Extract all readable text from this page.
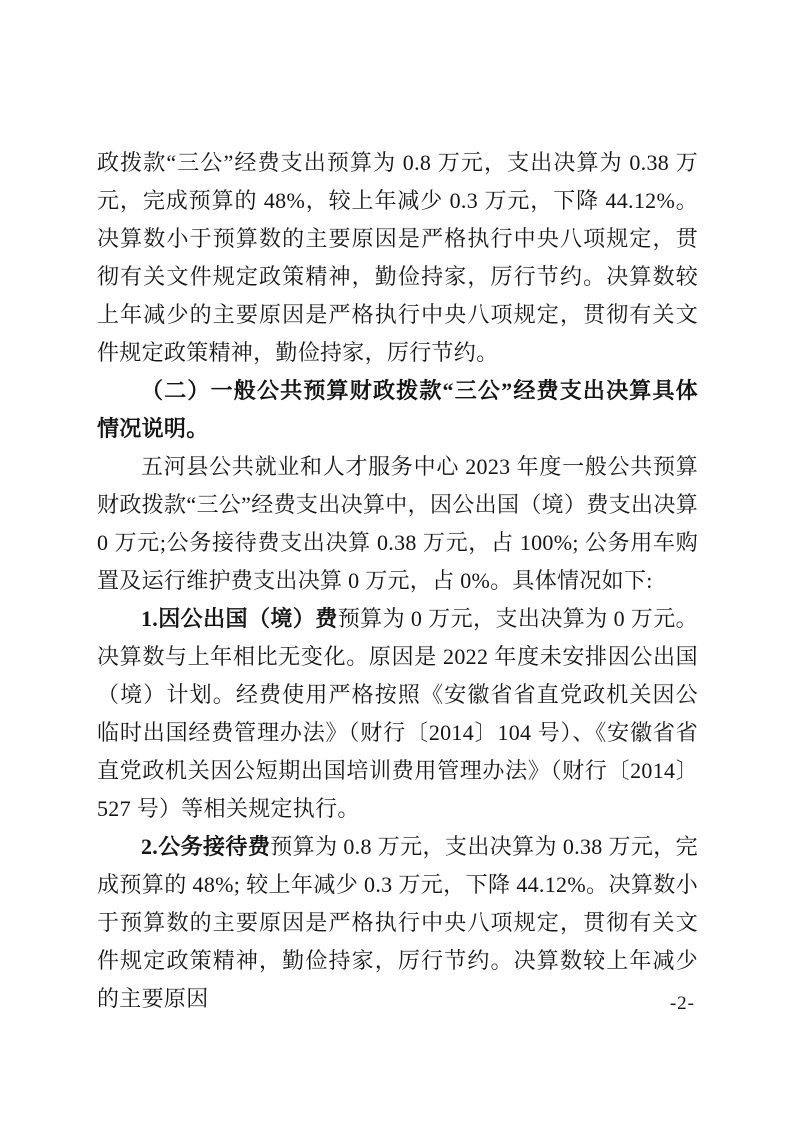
政拨款“三公”经费支出预算为 0.8 万元，支出决算为 0.38 万元，完成预算的 48%，较上年减少 0.3 万元，下降 44.12%。决算数小于预算数的主要原因是严格执行中央八项规定，贯彻有关文件规定政策精神，勤俭持家，厉行节约。决算数较上年减少的主要原因是严格执行中央八项规定，贯彻有关文件规定政策精神，勤俭持家，厉行节约。

（二）一般公共预算财政拨款“三公”经费支出决算具体情况说明。

五河县公共就业和人才服务中心 2023 年度一般公共预算财政拨款“三公”经费支出决算中，因公出国（境）费支出决算 0 万元;公务接待费支出决算 0.38 万元，占 100%; 公务用车购置及运行维护费支出决算 0 万元，占 0%。具体情况如下:

1.因公出国（境）费预算为 0 万元，支出决算为 0 万元。决算数与上年相比无变化。原因是 2022 年度未安排因公出国（境）计划。经费使用严格按照《安徽省省直党政机关因公临时出国经费管理办法》（财行〔2014〕104 号）、《安徽省省直党政机关因公短期出国培训费用管理办法》（财行〔2014〕527 号）等相关规定执行。

2.公务接待费预算为 0.8 万元，支出决算为 0.38 万元，完成预算的 48%; 较上年减少 0.3 万元，下降 44.12%。决算数小于预算数的主要原因是严格执行中央八项规定，贯彻有关文件规定政策精神，勤俭持家，厉行节约。决算数较上年减少的主要原因	-2-
